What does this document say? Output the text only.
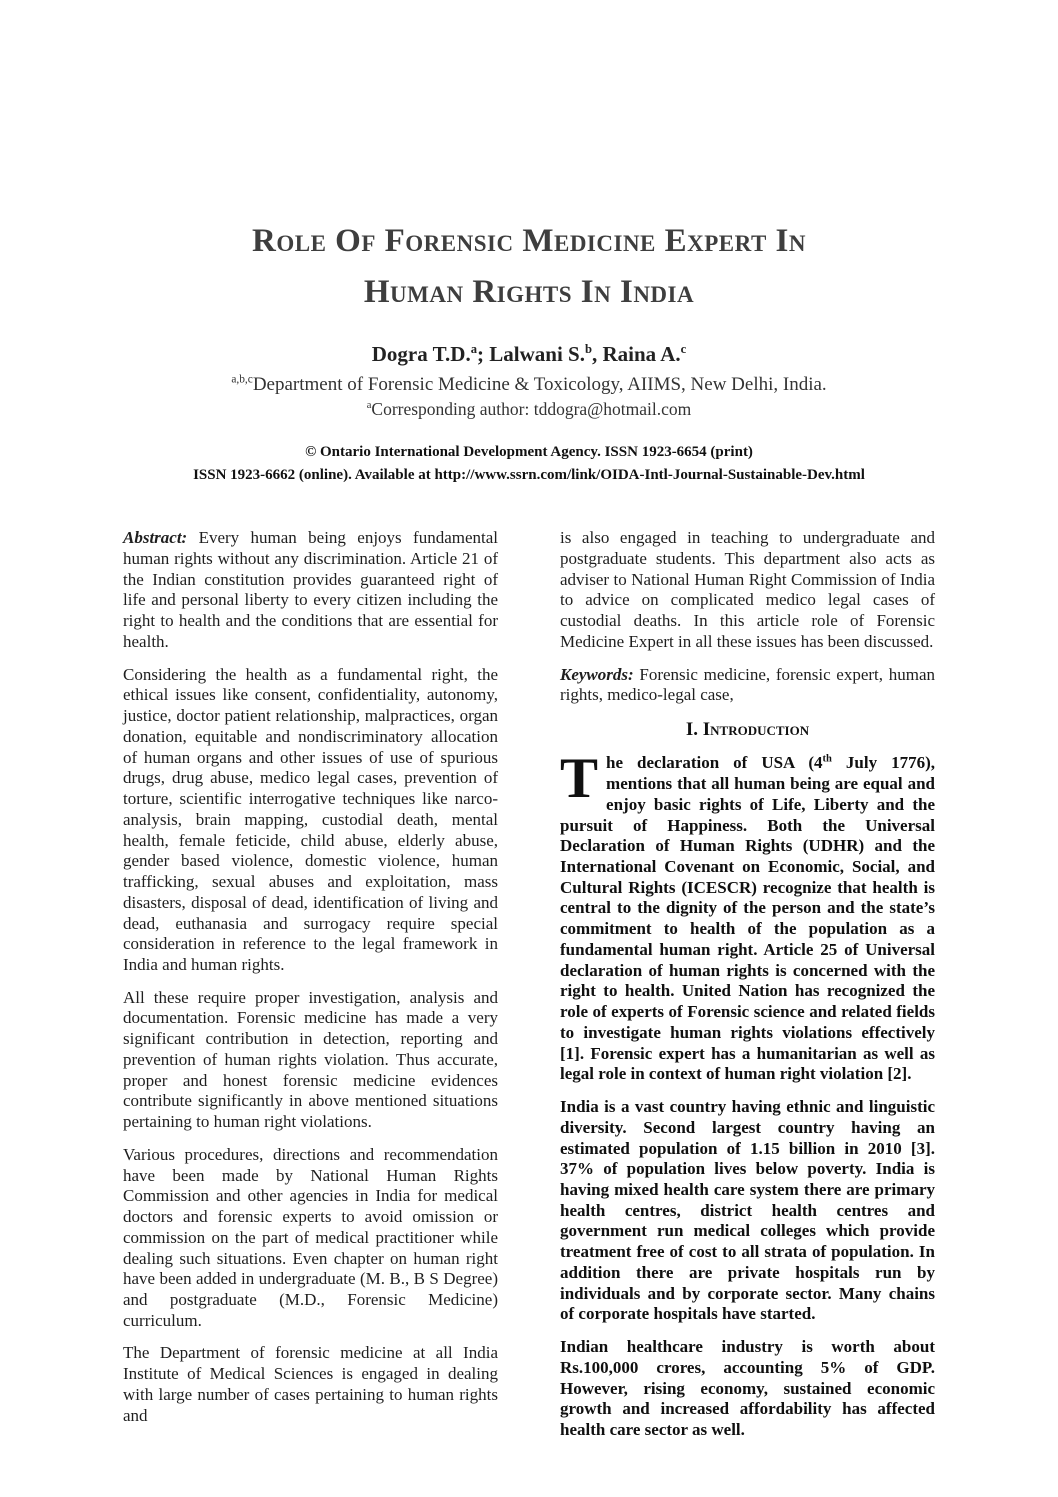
Role Of Forensic Medicine Expert In
Human Rights In India
Dogra T.D.$^a$; Lalwani S.$^b$, Raina A.$^c$
$^{a,b,c}$Department of Forensic Medicine & Toxicology, AIIMS, New Delhi, India.
$^a$Corresponding author: tddogra@hotmail.com
© Ontario International Development Agency. ISSN 1923-6654 (print)
ISSN 1923-6662 (online). Available at http://www.ssrn.com/link/OIDA-Intl-Journal-Sustainable-Dev.html

Abstract: Every human being enjoys fundamental human rights without any discrimination. Article 21 of the Indian constitution provides guaranteed right of life and personal liberty to every citizen including the right to health and the conditions that are essential for health.

Considering the health as a fundamental right, the ethical issues like consent, confidentiality, autonomy, justice, doctor patient relationship, malpractices, organ donation, equitable and nondiscriminatory allocation of human organs and other issues of use of spurious drugs, drug abuse, medico legal cases, prevention of torture, scientific interrogative techniques like narco-analysis, brain mapping, custodial death, mental health, female feticide, child abuse, elderly abuse, gender based violence, domestic violence, human trafficking, sexual abuses and exploitation, mass disasters, disposal of dead, identification of living and dead, euthanasia and surrogacy require special consideration in reference to the legal framework in India and human rights.

All these require proper investigation, analysis and documentation. Forensic medicine has made a very significant contribution in detection, reporting and prevention of human rights violation. Thus accurate, proper and honest forensic medicine evidences contribute significantly in above mentioned situations pertaining to human right violations.

Various procedures, directions and recommendation have been made by National Human Rights Commission and other agencies in India for medical doctors and forensic experts to avoid omission or commission on the part of medical practitioner while dealing such situations. Even chapter on human right have been added in undergraduate (M. B., B S Degree) and postgraduate (M.D., Forensic Medicine) curriculum.

The Department of forensic medicine at all India Institute of Medical Sciences is engaged in dealing with large number of cases pertaining to human rights and

is also engaged in teaching to undergraduate and postgraduate students. This department also acts as adviser to National Human Right Commission of India to advice on complicated medico legal cases of custodial deaths. In this article role of Forensic Medicine Expert in all these issues has been discussed.

Keywords: Forensic medicine, forensic expert, human rights, medico-legal case,

I. Introduction

The declaration of USA (4th July 1776), mentions that all human being are equal and enjoy basic rights of Life, Liberty and the pursuit of Happiness. Both the Universal Declaration of Human Rights (UDHR) and the International Covenant on Economic, Social, and Cultural Rights (ICESCR) recognize that health is central to the dignity of the person and the state’s commitment to health of the population as a fundamental human right. Article 25 of Universal declaration of human rights is concerned with the right to health. United Nation has recognized the role of experts of Forensic science and related fields to investigate human rights violations effectively [1]. Forensic expert has a humanitarian as well as legal role in context of human right violation [2].

India is a vast country having ethnic and linguistic diversity. Second largest country having an estimated population of 1.15 billion in 2010 [3]. 37% of population lives below poverty. India is having mixed health care system there are primary health centres, district health centres and government run medical colleges which provide treatment free of cost to all strata of population. In addition there are private hospitals run by individuals and by corporate sector. Many chains of corporate hospitals have started.

Indian healthcare industry is worth about Rs.100,000 crores, accounting 5% of GDP. However, rising economy, sustained economic growth and increased affordability has affected health care sector as well.
